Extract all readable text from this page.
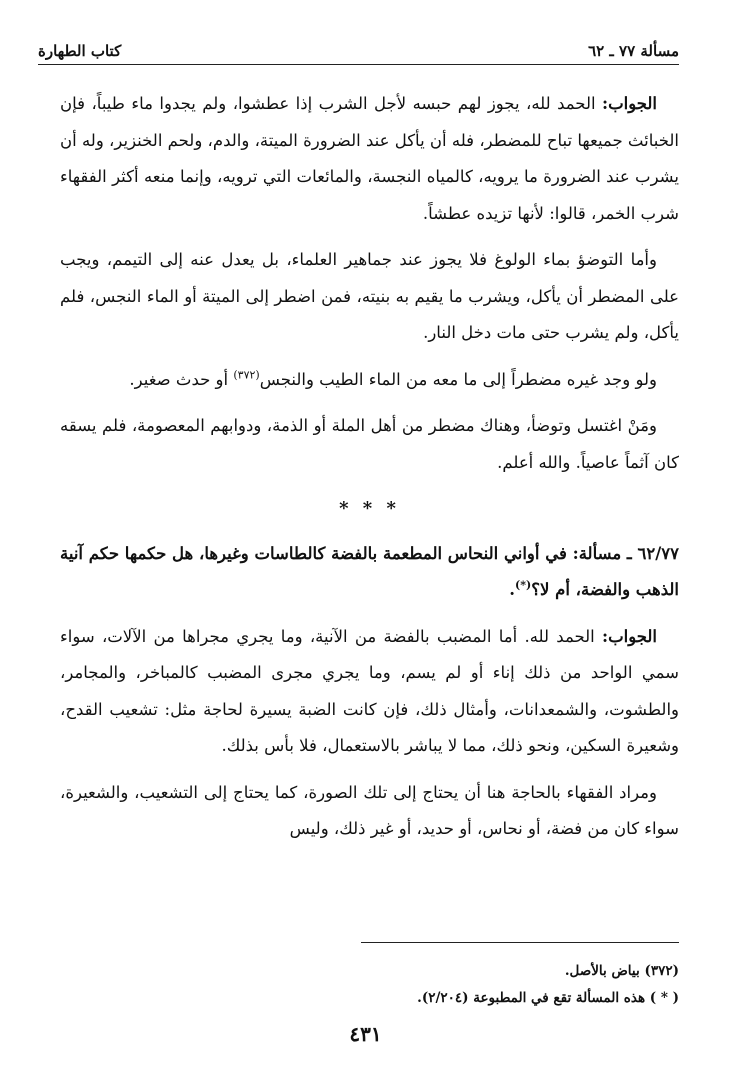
مسألة ٧٧ ـ ٦٢
كتاب الطهارة

الجواب: الحمد لله، يجوز لهم حبسه لأجل الشرب إذا عطشوا، ولم يجدوا ماء طيباً، فإن الخبائث جميعها تباح للمضطر، فله أن يأكل عند الضرورة الميتة، والدم، ولحم الخنزير، وله أن يشرب عند الضرورة ما يرويه، كالمياه النجسة، والمائعات التي ترويه، وإنما منعه أكثر الفقهاء شرب الخمر، قالوا: لأنها تزيده عطشاً.

وأما التوضؤ بماء الولوغ فلا يجوز عند جماهير العلماء، بل يعدل عنه إلى التيمم، ويجب على المضطر أن يأكل، ويشرب ما يقيم به بنيته، فمن اضطر إلى الميتة أو الماء النجس، فلم يأكل، ولم يشرب حتى مات دخل النار.

ولو وجد غيره مضطراً إلى ما معه من الماء الطيب والنجس$^{(٣٧٢)}$ أو حدث صغير.

ومَنْ اغتسل وتوضأ، وهناك مضطر من أهل الملة أو الذمة، ودوابهم المعصومة، فلم يسقه كان آثماً عاصياً. والله أعلم.

* * *

٦٢/٧٧ ـ مسألة: في أواني النحاس المطعمة بالفضة كالطاسات وغيرها، هل حكمها حكم آنية الذهب والفضة، أم لا؟(*).

الجواب: الحمد لله. أما المضبب بالفضة من الآنية، وما يجري مجراها من الآلات، سواء سمي الواحد من ذلك إناء أو لم يسم، وما يجري مجرى المضبب كالمباخر، والمجامر، والطشوت، والشمعدانات، وأمثال ذلك، فإن كانت الضبة يسيرة لحاجة مثل: تشعيب القدح، وشعيرة السكين، ونحو ذلك، مما لا يباشر بالاستعمال، فلا بأس بذلك.

ومراد الفقهاء بالحاجة هنا أن يحتاج إلى تلك الصورة، كما يحتاج إلى التشعيب، والشعيرة، سواء كان من فضة، أو نحاس، أو حديد، أو غير ذلك، وليس

(٣٧٢) بياض بالأصل.
( * ) هذه المسألة تقع في المطبوعة (٢/٢٠٤).
٤٣١
